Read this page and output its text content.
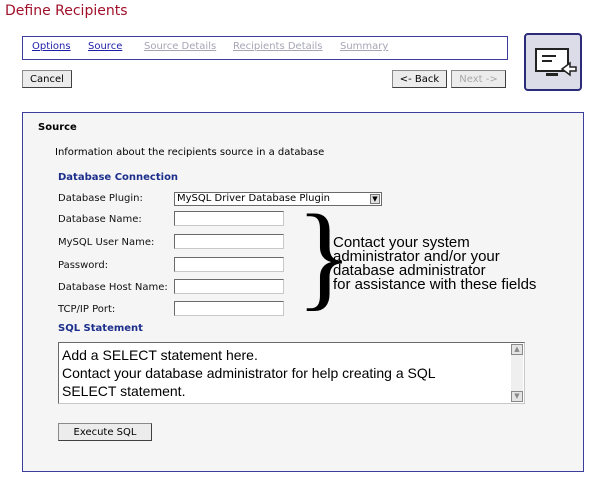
Define Recipients
Options Source Source Details Recipients Details Summary
Cancel	<- Back	Next ->
Source
Information about the recipients source in a database
Database Connection
Database Plugin:	MySQL Driver Database Plugin	▼
Database Name:
MySQL User Name:
Password:
Database Host Name:
TCP/IP Port: }
Contact your system
administrator and/or your
database administrator
for assistance with these fields
SQL Statement
Add a SELECT statement here.
Contact your database administrator for help creating a SQL
SELECT statement.
▲
▼
Execute SQL
